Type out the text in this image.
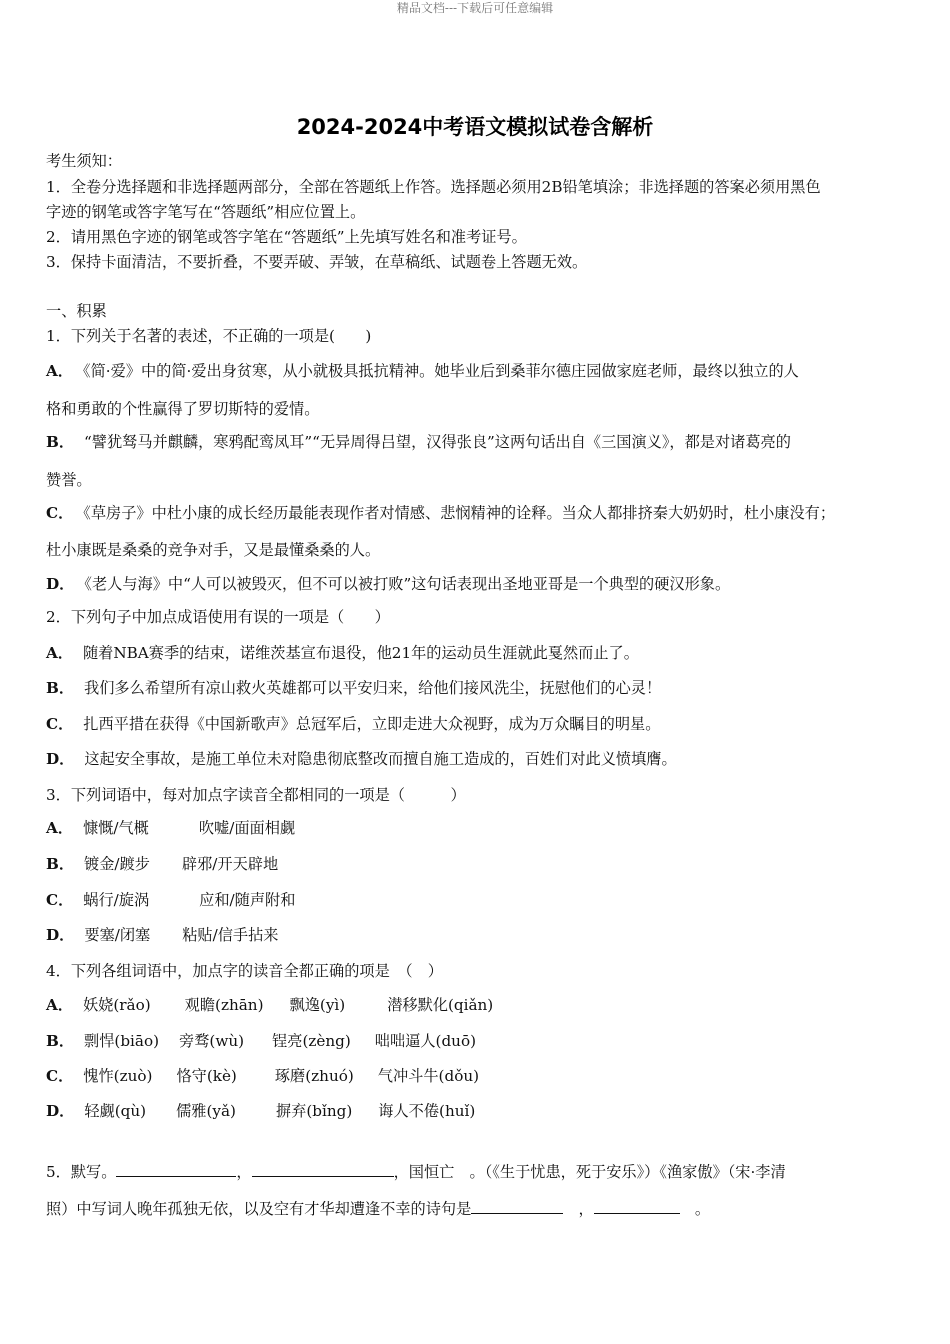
精品文档---下载后可任意编辑
2024-2024中考语文模拟试卷含解析
考生须知：
1．全卷分选择题和非选择题两部分，全部在答题纸上作答。选择题必须用2B铅笔填涂；非选择题的答案必须用黑色
字迹的钢笔或答字笔写在“答题纸”相应位置上。
2．请用黑色字迹的钢笔或答字笔在“答题纸”上先填写姓名和准考证号。
3．保持卡面清洁，不要折叠，不要弄破、弄皱，在草稿纸、试题卷上答题无效。
一、积累
1．下列关于名著的表述，不正确的一项是(　　)
A． 《简·爱》中的简·爱出身贫寒，从小就极具抵抗精神。她毕业后到桑菲尔德庄园做家庭老师，最终以独立的人
格和勇敢的个性赢得了罗切斯特的爱情。
B． “譬犹驽马并麒麟，寒鸦配鸾凤耳”“无异周得吕望，汉得张良”这两句话出自《三国演义》，都是对诸葛亮的
赞誉。
C． 《草房子》中杜小康的成长经历最能表现作者对情感、悲悯精神的诠释。当众人都排挤秦大奶奶时，杜小康没有；
杜小康既是桑桑的竞争对手，又是最懂桑桑的人。
D． 《老人与海》中“人可以被毁灭，但不可以被打败”这句话表现出圣地亚哥是一个典型的硬汉形象。
2．下列句子中加点成语使用有误的一项是（　　）
A． 随着NBA赛季的结束，诺维茨基宣布退役，他21年的运动员生涯就此戛然而止了。
B． 我们多么希望所有凉山救火英雄都可以平安归来，给他们接风洗尘，抚慰他们的心灵！
C． 扎西平措在获得《中国新歌声》总冠军后，立即走进大众视野，成为万众瞩目的明星。
D． 这起安全事故，是施工单位未对隐患彻底整改而擅自施工造成的，百姓们对此义愤填膺。
3．下列词语中，每对加点字读音全都相同的一项是（　　　）
A． 慷慨/气概	吹嘘/面面相觑
B． 镀金/踱步 辟邪/开天辟地
C． 蜗行/旋涡	应和/随声附和
D． 要塞/闭塞 粘贴/信手拈来
4．下列各组词语中，加点字的读音全都正确的项是　（　）
A． 妖娆(rǎo) 观瞻(zhān) 飘逸(yì)	潜移默化(qiǎn)
B． 剽悍(biāo) 旁骛(wù) 锃亮(zèng) 咄咄逼人(duō)
C． 愧怍(zuò) 恪守(kè)	琢磨(zhuó) 气冲斗牛(dǒu)
D． 轻觑(qù) 儒雅(yǎ)	摒弃(bǐng) 诲人不倦(huǐ)
5．默写。	，	，国恒亡　。（《生于忧患，死于安乐》）《渔家傲》（宋·李清
照）中写词人晚年孤独无依，以及空有才华却遭逢不幸的诗句是	　，	　。
